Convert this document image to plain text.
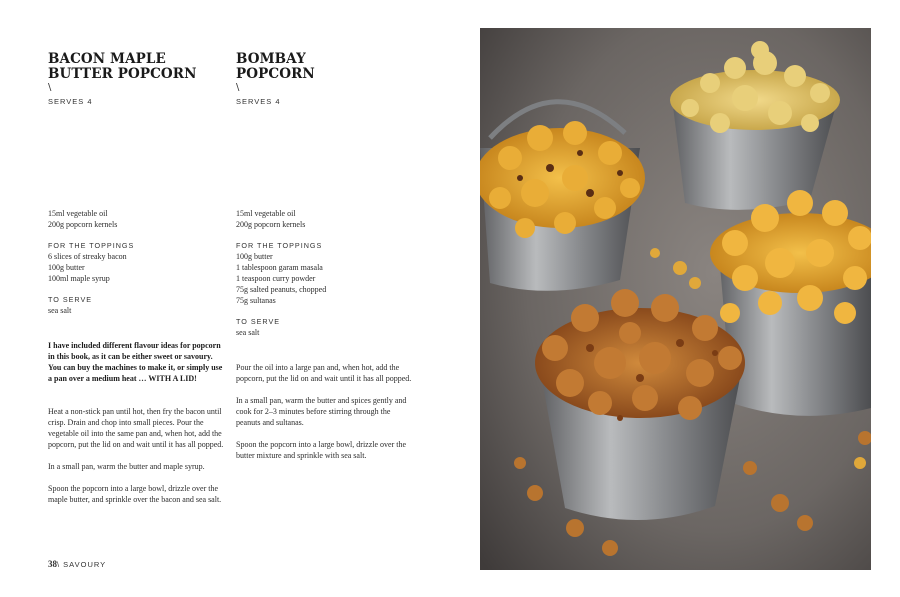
BACON MAPLE
BUTTER POPCORN
\
SERVES 4
15ml vegetable oil
200g popcorn kernels
FOR THE TOPPINGS
6 slices of streaky bacon
100g butter
100ml maple syrup
TO SERVE
sea salt
I have included different flavour ideas for popcorn in this book, as it can be either sweet or savoury. You can buy the machines to make it, or simply use a pan over a medium heat … WITH A LID!

Heat a non-stick pan until hot, then fry the bacon until crisp. Drain and chop into small pieces. Pour the vegetable oil into the same pan and, when hot, add the popcorn, put the lid on and wait until it has all popped.

In a small pan, warm the butter and maple syrup.

Spoon the popcorn into a large bowl, drizzle over the maple butter, and sprinkle over the bacon and sea salt.

BOMBAY
POPCORN
\
SERVES 4
15ml vegetable oil
200g popcorn kernels
FOR THE TOPPINGS
100g butter
1 tablespoon garam masala
1 teaspoon curry powder
75g salted peanuts, chopped
75g sultanas
TO SERVE
sea salt

Pour the oil into a large pan and, when hot, add the popcorn, put the lid on and wait until it has all popped.

In a small pan, warm the butter and spices gently and cook for 2–3 minutes before stirring through the peanuts and sultanas.

Spoon the popcorn into a large bowl, drizzle over the butter mixture and sprinkle with sea salt.

38\ SAVOURY
